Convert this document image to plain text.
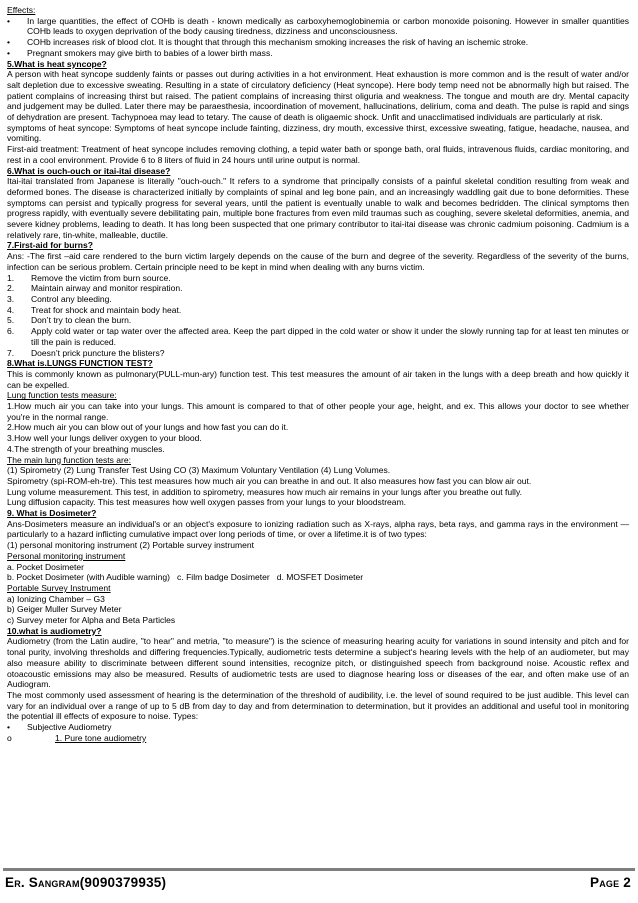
Effects:

•	In large quantities, the effect of COHb is death - known medically as carboxyhemoglobinemia or carbon monoxide poisoning. However in smaller quantities COHb leads to oxygen deprivation of the body causing tiredness, dizziness and unconsciousness.
•	COHb increases risk of blood clot. It is thought that through this mechanism smoking increases the risk of having an ischemic stroke.
•	Pregnant smokers may give birth to babies of a lower birth mass.

5.What is heat syncope?

A person with heat syncope suddenly faints or passes out during activities in a hot environment. Heat exhaustion is more common and is the result of water and/or salt depletion due to excessive sweating. Resulting in a state of circulatory deficiency (Heat syncope). Here body temp need not be abnormally high but raised. The patient complains of increasing thirst but raised. The patient complains of increasing thirst oliguria and weakness. The tongue and mouth are dry. Mental capacity and judgement may be dulled. Later there may be paraesthesia, incoordination of movement, hallucinations, delirium, coma and death. The pulse is rapid and sings of dehydration are present. Tachypnoea may lead to tetary. The cause of death is oligaemic shock. Unfit and unacclimatised individuals are particularly at risk.

symptoms of heat syncope: Symptoms of heat syncope include fainting, dizziness, dry mouth, excessive thirst, excessive sweating, fatigue, headache, nausea, and vomiting.

First-aid treatment: Treatment of heat syncope includes removing clothing, a tepid water bath or sponge bath, oral fluids, intravenous fluids, cardiac monitoring, and rest in a cool environment. Provide 6 to 8 liters of fluid in 24 hours until urine output is normal.

6.What is ouch-ouch or itai-itai disease?

Itai-itai translated from Japanese is literally "ouch-ouch." It refers to a syndrome that principally consists of a painful skeletal condition resulting from weak and deformed bones. The disease is characterized initially by complaints of spinal and leg bone pain, and an increasingly waddling gait due to bone deformities. These symptoms can persist and typically progress for several years, until the patient is eventually unable to walk and becomes bedridden. The clinical symptoms then progress rapidly, with eventually severe debilitating pain, multiple bone fractures from even mild traumas such as coughing, severe skeletal deformities, anemia, and severe kidney problems, leading to death. It has long been suspected that one primary contributor to itai-itai disease was chronic cadmium poisoning. Cadmium is a relatively rare, tin-white, malleable, ductile.

7.First-aid for burns?

Ans: -The first –aid care rendered to the burn victim largely depends on the cause of the burn and degree of the severity. Regardless of the severity of the burns, infection can be serious problem. Certain principle need to be kept in mind when dealing with any burns victim.

1.	Remove the victim from burn source.
2.	Maintain airway and monitor respiration.
3.	Control any bleeding.
4.	Treat for shock and maintain body heat.
5.	Don’t try to clean the burn.
6.	Apply cold water or tap water over the affected area. Keep the part dipped in the cold water or show it under the slowly running tap for at least ten minutes or till the pain is reduced.
7.	Doesn’t prick puncture the blisters?

8.What is.LUNGS FUNCTION TEST?

This is commonly known as pulmonary(PULL-mun-ary) function test. This test measures the amount of air taken in the lungs with a deep breath and how quickly it can be expelled.

Lung function tests measure:

1.How much air you can take into your lungs. This amount is compared to that of other people your age, height, and ex. This allows your doctor to see whether you're in the normal range.

2.How much air you can blow out of your lungs and how fast you can do it.

3.How well your lungs deliver oxygen to your blood.

4.The strength of your breathing muscles.

The main lung function tests are:

(1) Spirometry (2) Lung Transfer Test Using CO (3) Maximum Voluntary Ventilation (4) Lung Volumes.

Spirometry (spi-ROM-eh-tre). This test measures how much air you can breathe in and out. It also measures how fast you can blow air out.

Lung volume measurement. This test, in addition to spirometry, measures how much air remains in your lungs after you breathe out fully.

Lung diffusion capacity. This test measures how well oxygen passes from your lungs to your bloodstream.

9. What is Dosimeter?

Ans-Dosimeters measure an individual's or an object's exposure to ionizing radiation such as X-rays, alpha rays, beta rays, and gamma rays in the environment — particularly to a hazard inflicting cumulative impact over long periods of time, or over a lifetime.it is of two types:

(1) personal monitoring instrument (2) Portable survey instrument

Personal monitoring instrument

a. Pocket Dosimeter

b. Pocket Dosimeter (with Audible warning)   c. Film badge Dosimeter   d. MOSFET Dosimeter

Portable Survey Instrument

a) Ionizing Chamber – G3

b) Geiger Muller Survey Meter

c) Survey meter for Alpha and Beta Particles

10.what is audiometry?

Audiometry (from the Latin audire, "to hear" and metria, "to measure") is the science of measuring hearing acuity for variations in sound intensity and pitch and for tonal purity, involving thresholds and differing frequencies.Typically, audiometric tests determine a subject's hearing levels with the help of an audiometer, but may also measure ability to discriminate between different sound intensities, recognize pitch, or distinguished speech from background noise. Acoustic reflex and otoacoustic emissions may also be measured. Results of audiometric tests are used to diagnose hearing loss or diseases of the ear, and often make use of an Audiogram.

The most commonly used assessment of hearing is the determination of the threshold of audibility, i.e. the level of sound required to be just audible. This level can vary for an individual over a range of up to 5 dB from day to day and from determination to determination, but it provides an additional and useful tool in monitoring the potential ill effects of exposure to noise. Types:

•	Subjective Audiometry
o	1. Pure tone audiometry
Er. Sangram(9090379935)	Page 2
